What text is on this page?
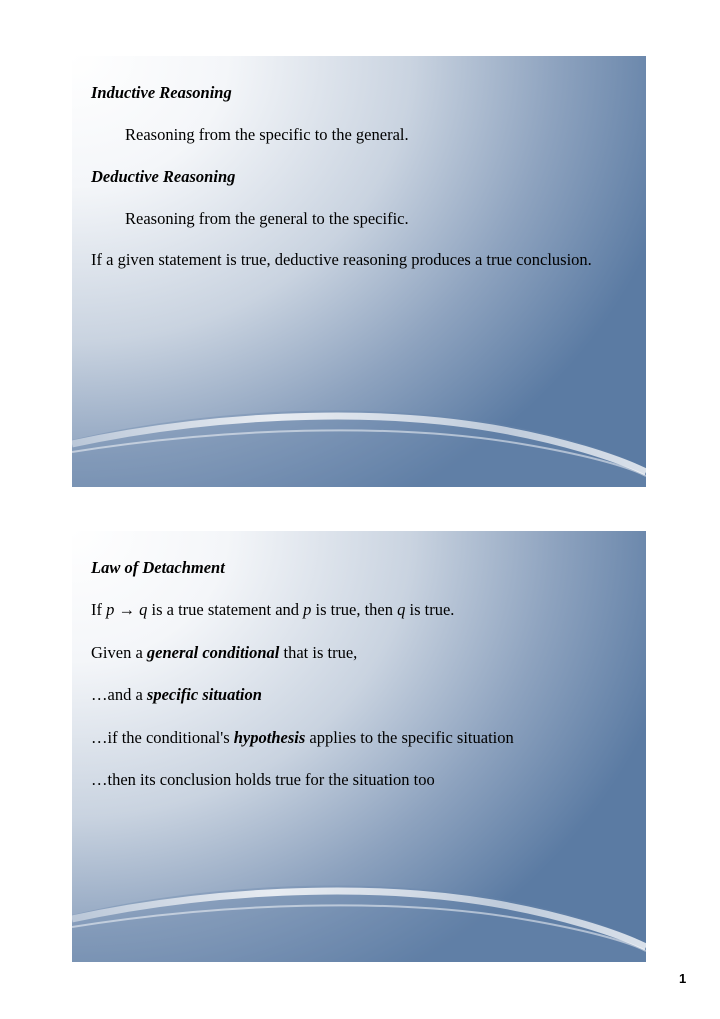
Inductive Reasoning
Reasoning from the specific to the general.
Deductive Reasoning
Reasoning from the general to the specific.
If a given statement is true, deductive reasoning produces a true conclusion.
Law of Detachment
If p → q is a true statement and p is true, then q is true.
Given a general conditional that is true,
…and a specific situation
…if the conditional's hypothesis applies to the specific situation
…then its conclusion holds true for the situation too
1
